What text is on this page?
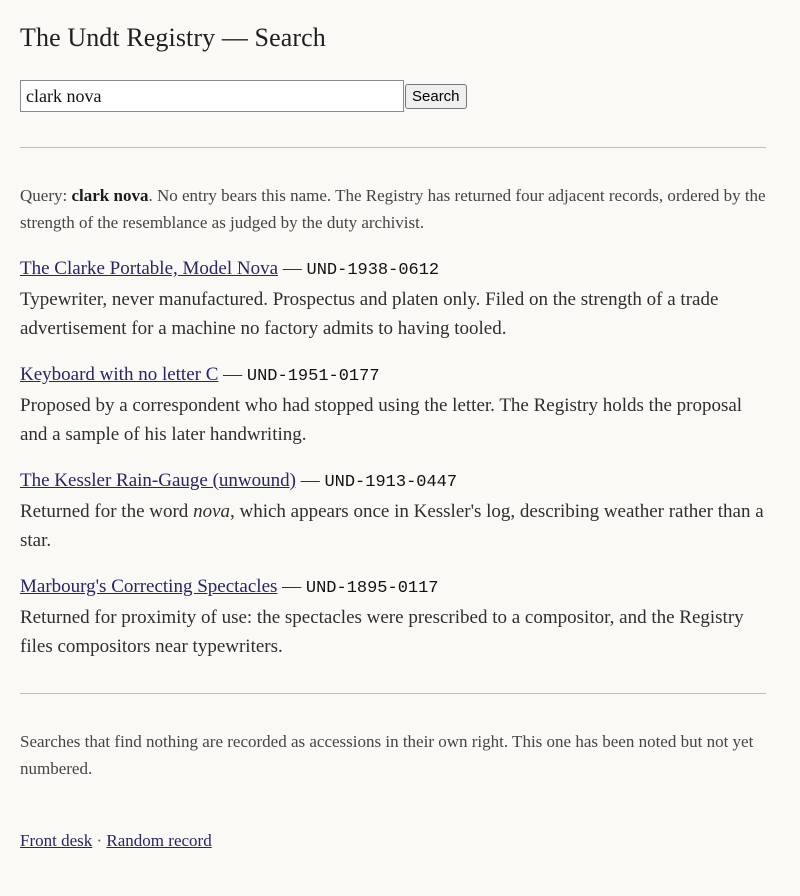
The Undt Registry — Search
clark nova
Search

Query: clark nova. No entry bears this name. The Registry has returned four adjacent records, ordered by the strength of the resemblance as judged by the duty archivist.

The Clarke Portable, Model Nova — UND-1938-0612

Typewriter, never manufactured. Prospectus and platen only. Filed on the strength of a trade advertisement for a machine no factory admits to having tooled.

Keyboard with no letter C — UND-1951-0177

Proposed by a correspondent who had stopped using the letter. The Registry holds the proposal and a sample of his later handwriting.

The Kessler Rain-Gauge (unwound) — UND-1913-0447

Returned for the word nova, which appears once in Kessler's log, describing weather rather than a star.

Marbourg's Correcting Spectacles — UND-1895-0117

Returned for proximity of use: the spectacles were prescribed to a compositor, and the Registry files compositors near typewriters.

Searches that find nothing are recorded as accessions in their own right. This one has been noted but not yet numbered.

Front desk · Random record
